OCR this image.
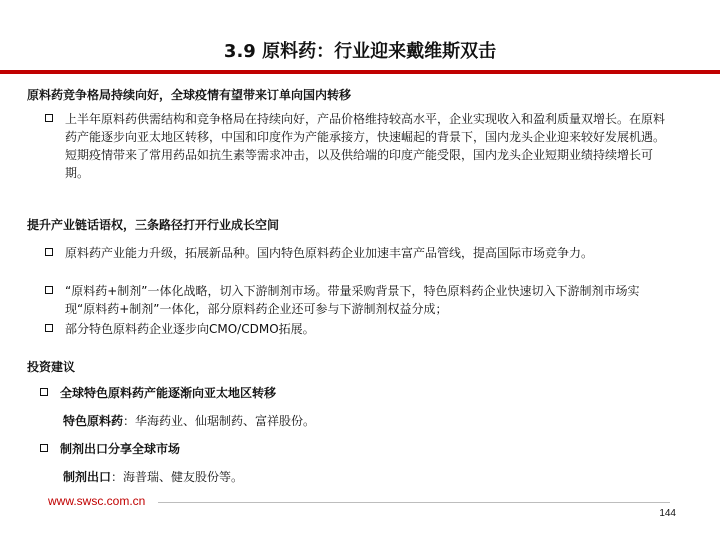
3.9 原料药：行业迎来戴维斯双击
原料药竞争格局持续向好，全球疫情有望带来订单向国内转移
上半年原料药供需结构和竞争格局在持续向好，产品价格维持较高水平，企业实现收入和盈利质量双增长。在原料药产能逐步向亚太地区转移，中国和印度作为产能承接方，快速崛起的背景下，国内龙头企业迎来较好发展机遇。短期疫情带来了常用药品如抗生素等需求冲击，以及供给端的印度产能受限，国内龙头企业短期业绩持续增长可期。
提升产业链话语权，三条路径打开行业成长空间
原料药产业能力升级，拓展新品种。国内特色原料药企业加速丰富产品管线，提高国际市场竞争力。
“原料药+制剂”一体化战略，切入下游制剂市场。带量采购背景下，特色原料药企业快速切入下游制剂市场实现“原料药+制剂”一体化，部分原料药企业还可参与下游制剂权益分成；
部分特色原料药企业逐步向CMO/CDMO拓展。
投资建议
全球特色原料药产能逐渐向亚太地区转移
特色原料药：华海药业、仙琚制药、富祥股份。
制剂出口分享全球市场
制剂出口：海普瑞、健友股份等。
www.swsc.com.cn
144
